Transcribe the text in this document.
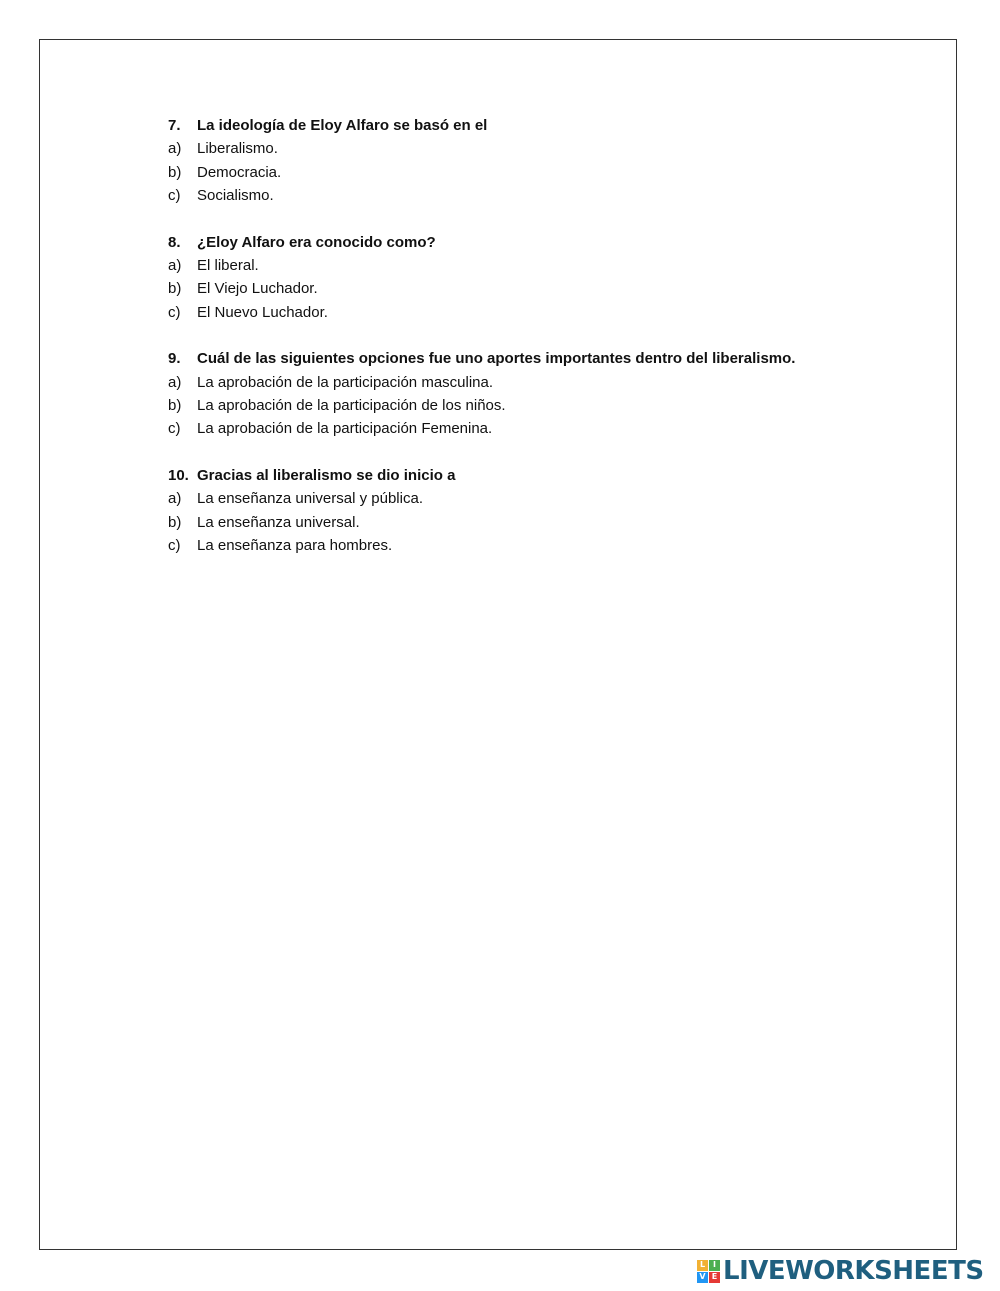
7.	La ideología de Eloy Alfaro se basó en el
a)	Liberalismo.
b)	Democracia.
c)	Socialismo.
8.	¿Eloy Alfaro era conocido como?
a)	El liberal.
b)	El Viejo Luchador.
c)	El Nuevo Luchador.
9.	Cuál de las siguientes opciones fue uno aportes importantes dentro del liberalismo.
a)	La aprobación de la participación masculina.
b)	La aprobación de la participación de los niños.
c)	La aprobación de la participación Femenina.
10. Gracias al liberalismo se dio inicio a
a)	La enseñanza universal y pública.
b)	La enseñanza universal.
c)	La enseñanza para hombres.
L I
V E LIVEWORKSHEETS
